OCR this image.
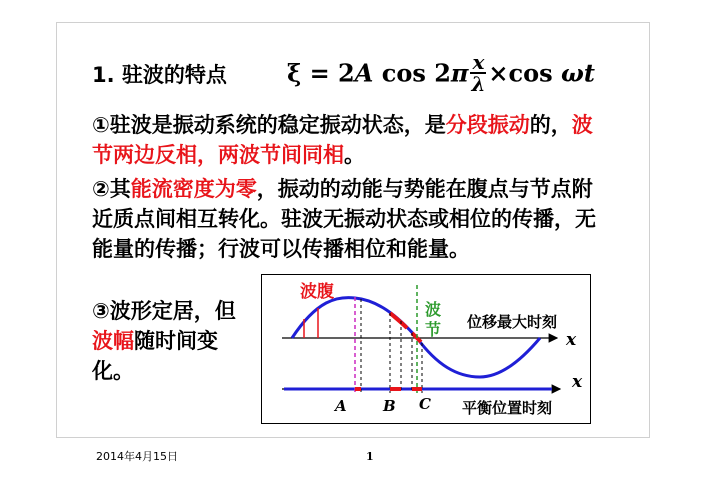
1. 驻波的特点	ξ = 2A $\cos 2\pi \frac{x}{\lambda} \times\cos$ ωt
①驻波是振动系统的稳定振动状态，是分段振动的，波节两边反相，两波节间同相。
②其能流密度为零，振动的动能与势能在腹点与节点附近质点间相互转化。驻波无振动状态或相位的传播，无能量的传播；行波可以传播相位和能量。
③波形定居，但波幅随时间变化。
波腹
波
节 位移最大时刻
x
x
A B C 平衡位置时刻
2014年4月15日	1
